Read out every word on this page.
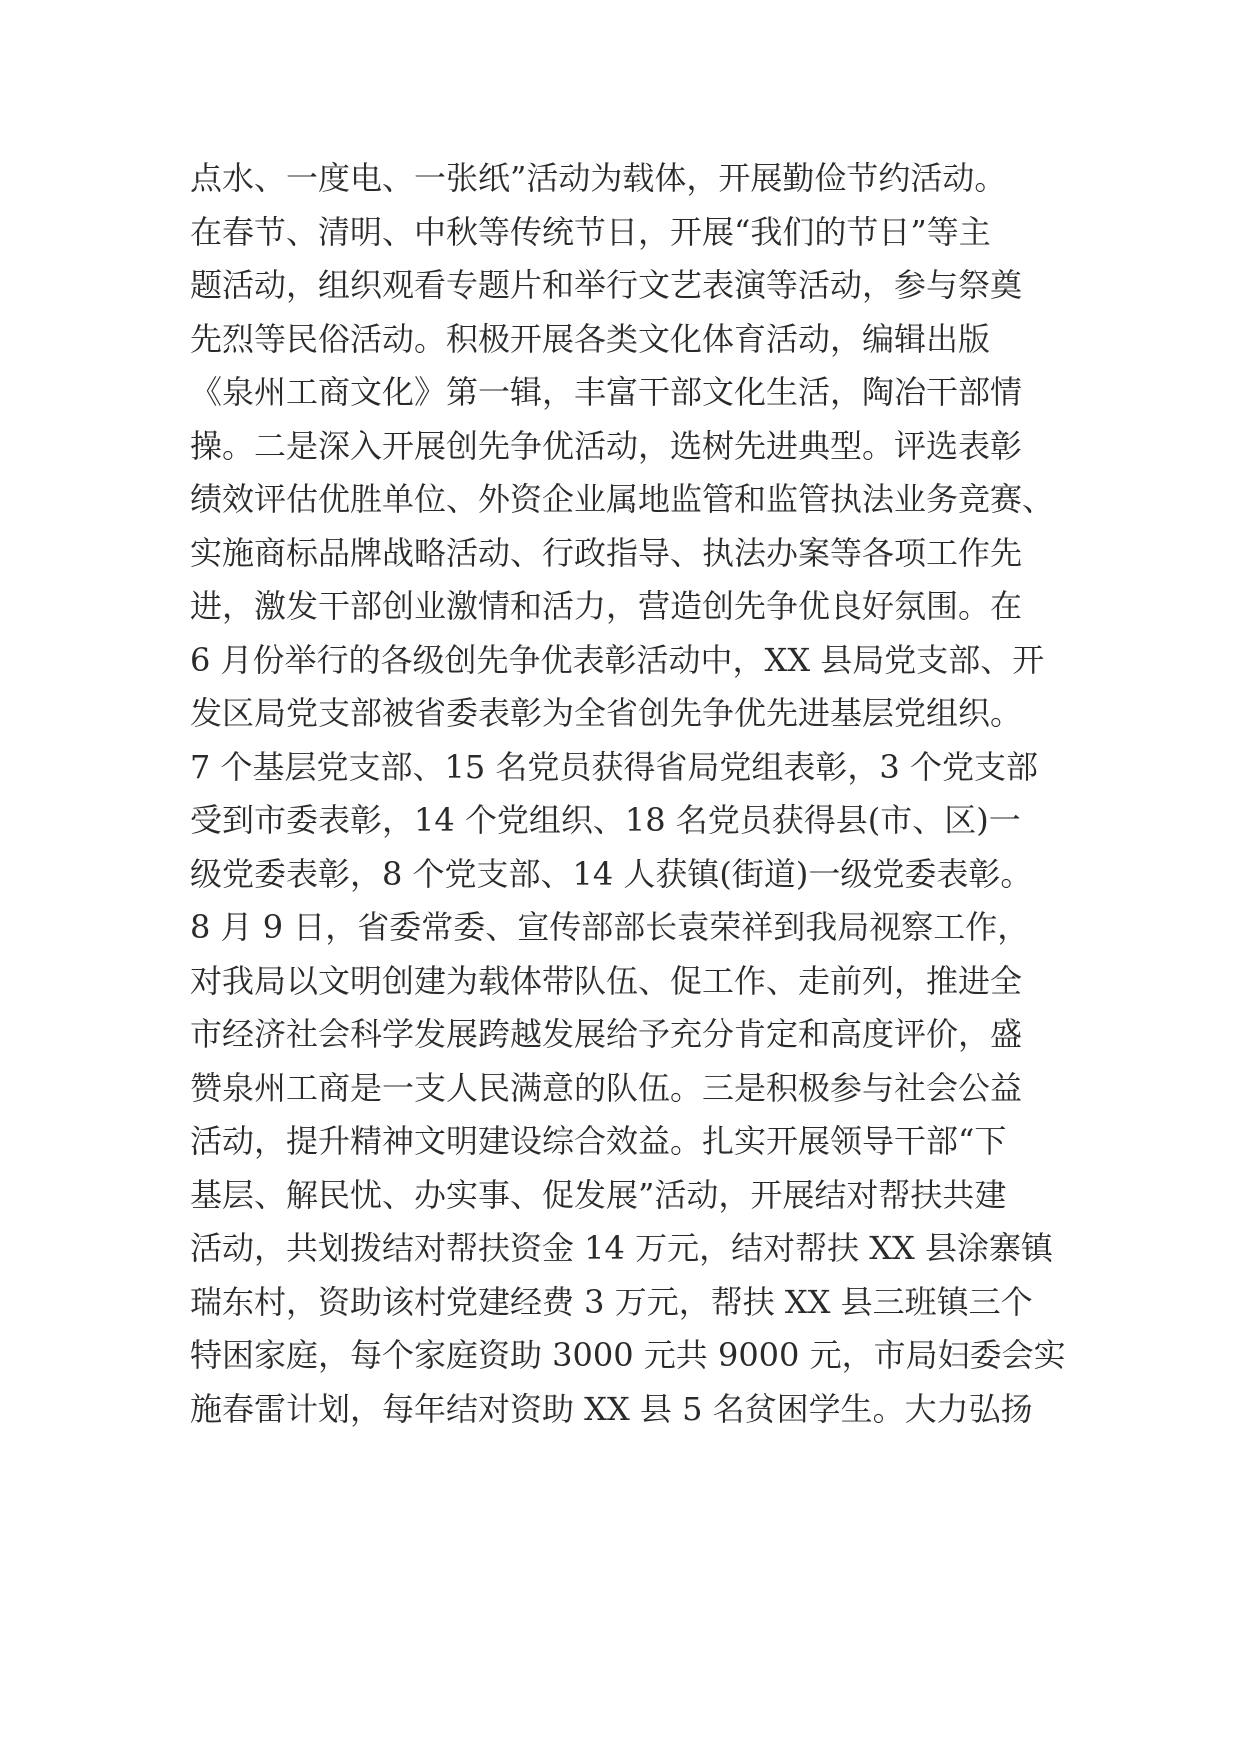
点水、一度电、一张纸”活动为载体，开展勤俭节约活动。
在春节、清明、中秋等传统节日，开展“我们的节日”等主
题活动，组织观看专题片和举行文艺表演等活动，参与祭奠
先烈等民俗活动。积极开展各类文化体育活动，编辑出版
《泉州工商文化》第一辑，丰富干部文化生活，陶冶干部情
操。二是深入开展创先争优活动，选树先进典型。评选表彰
绩效评估优胜单位、外资企业属地监管和监管执法业务竞赛、
实施商标品牌战略活动、行政指导、执法办案等各项工作先
进，激发干部创业激情和活力，营造创先争优良好氛围。在
6 月份举行的各级创先争优表彰活动中，XX 县局党支部、开
发区局党支部被省委表彰为全省创先争优先进基层党组织。
7 个基层党支部、15 名党员获得省局党组表彰，3 个党支部
受到市委表彰，14 个党组织、18 名党员获得县(市、区)一
级党委表彰，8 个党支部、14 人获镇(街道)一级党委表彰。
8 月 9 日，省委常委、宣传部部长袁荣祥到我局视察工作，
对我局以文明创建为载体带队伍、促工作、走前列，推进全
市经济社会科学发展跨越发展给予充分肯定和高度评价，盛
赞泉州工商是一支人民满意的队伍。三是积极参与社会公益
活动，提升精神文明建设综合效益。扎实开展领导干部“下
基层、解民忧、办实事、促发展”活动，开展结对帮扶共建
活动，共划拨结对帮扶资金 14 万元，结对帮扶 XX 县涂寨镇
瑞东村，资助该村党建经费 3 万元，帮扶 XX 县三班镇三个
特困家庭，每个家庭资助 3000 元共 9000 元，市局妇委会实
施春雷计划，每年结对资助 XX 县 5 名贫困学生。大力弘扬
